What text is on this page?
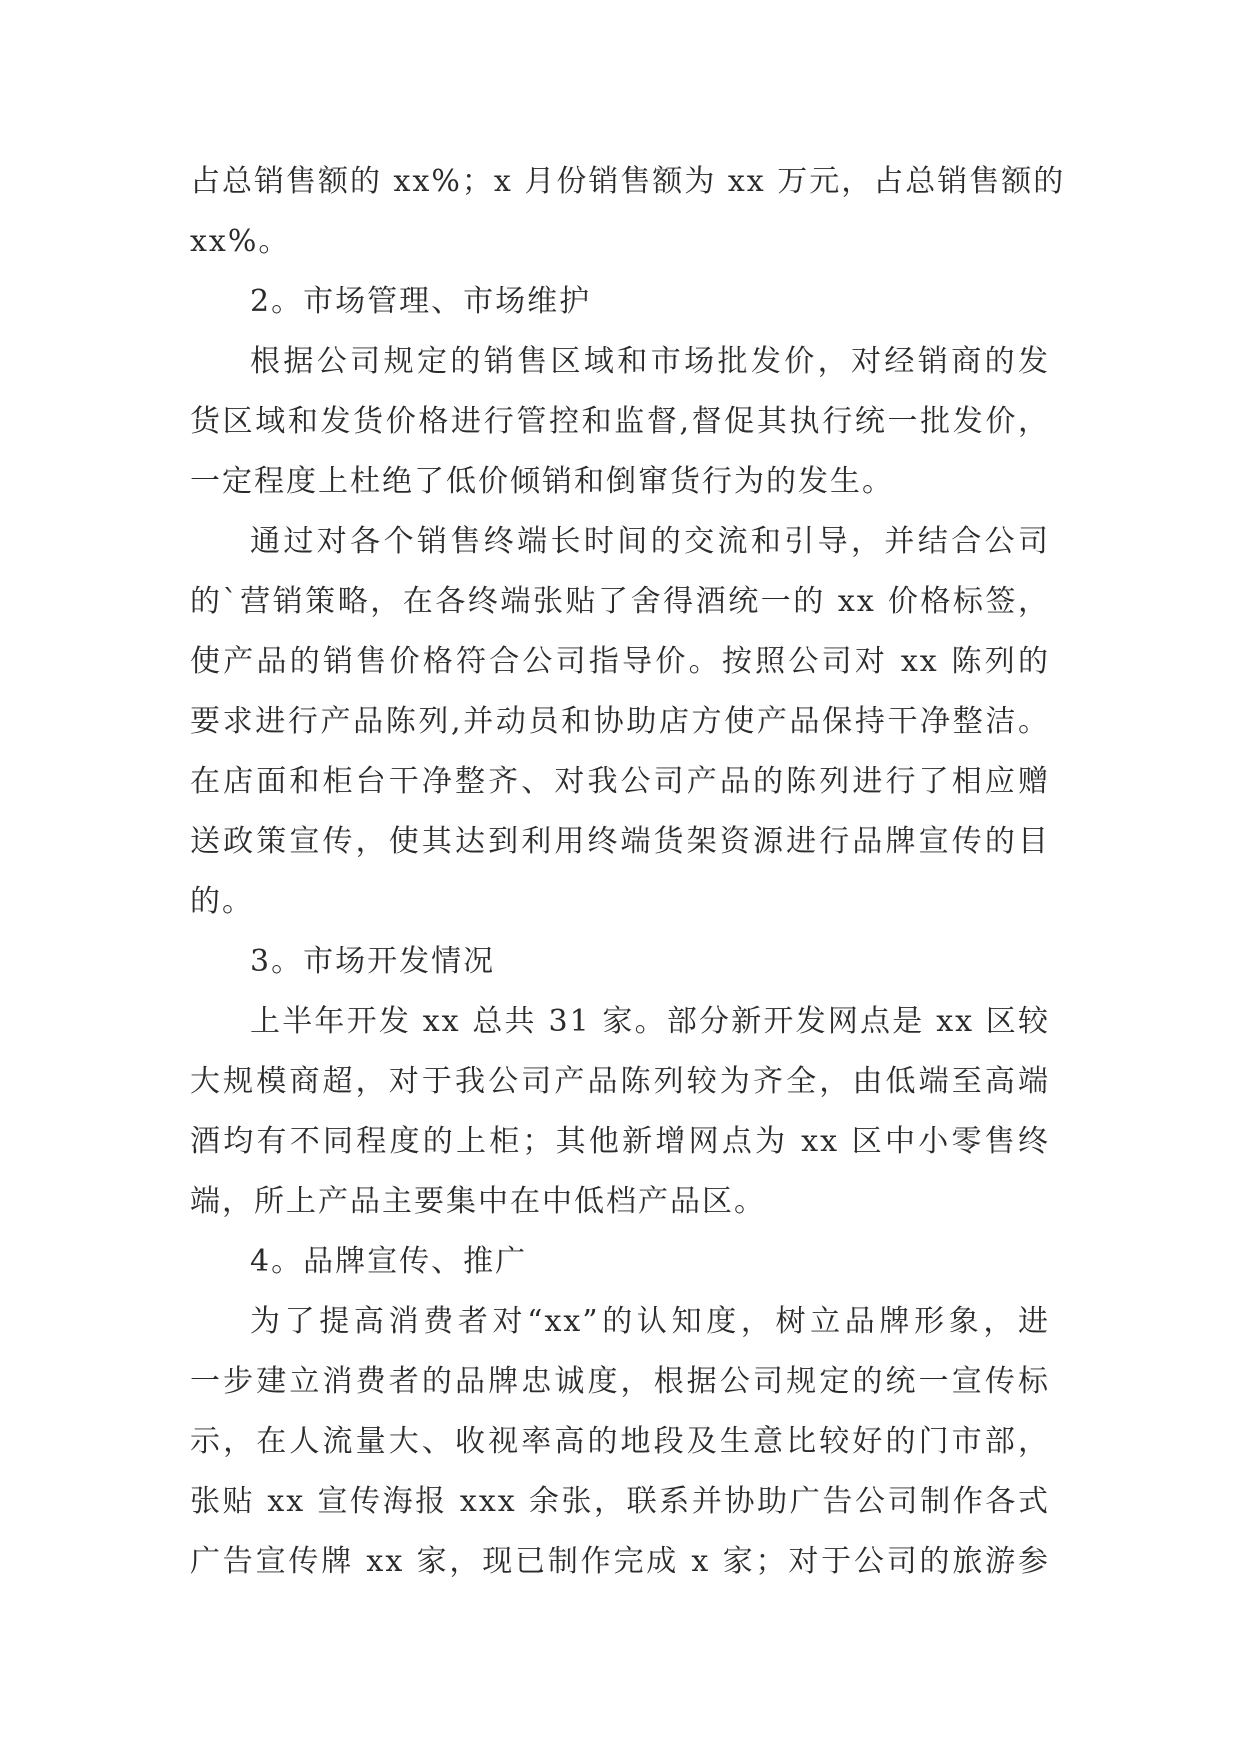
占总销售额的 xx%；x 月份销售额为 xx 万元，占总销售额的
xx%。
2。市场管理、市场维护
根据公司规定的销售区域和市场批发价，对经销商的发
货区域和发货价格进行管控和监督,督促其执行统一批发价，
一定程度上杜绝了低价倾销和倒窜货行为的发生。
通过对各个销售终端长时间的交流和引导，并结合公司
的`营销策略，在各终端张贴了舍得酒统一的 xx 价格标签，
使产品的销售价格符合公司指导价。按照公司对 xx 陈列的
要求进行产品陈列,并动员和协助店方使产品保持干净整洁。
在店面和柜台干净整齐、对我公司产品的陈列进行了相应赠
送政策宣传，使其达到利用终端货架资源进行品牌宣传的目
的。
3。市场开发情况
上半年开发 xx 总共 31 家。部分新开发网点是 xx 区较
大规模商超，对于我公司产品陈列较为齐全，由低端至高端
酒均有不同程度的上柜；其他新增网点为 xx 区中小零售终
端，所上产品主要集中在中低档产品区。
4。品牌宣传、推广
为了提高消费者对“xx”的认知度，树立品牌形象，进
一步建立消费者的品牌忠诚度，根据公司规定的统一宣传标
示，在人流量大、收视率高的地段及生意比较好的门市部，
张贴 xx 宣传海报 xxx 余张，联系并协助广告公司制作各式
广告宣传牌 xx 家，现已制作完成 x 家；对于公司的旅游参
